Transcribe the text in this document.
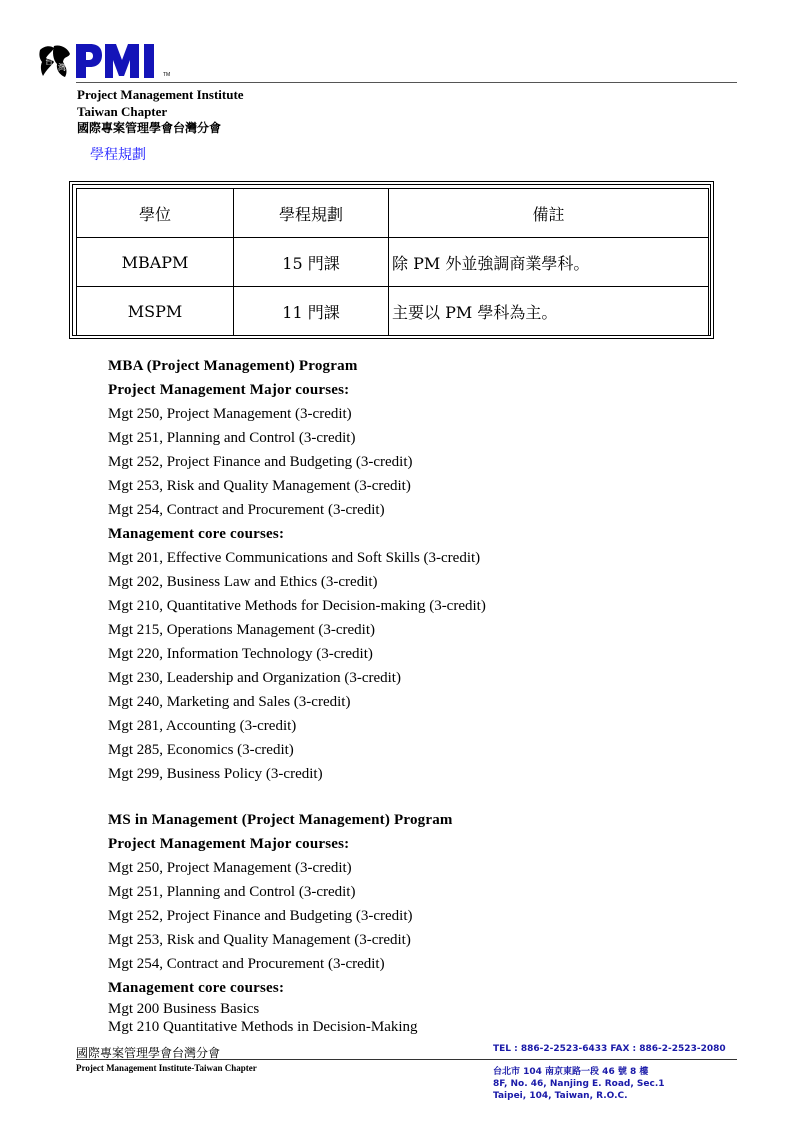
台
灣
TM
Project Management Institute
Taiwan Chapter
國際專案管理學會台灣分會
學程規劃
學位	學程規劃	備註
MBAPM	15 門課	除 PM 外並強調商業學科。
MSPM	11 門課	主要以 PM 學科為主。
MBA (Project Management) Program
Project Management Major courses:
Mgt 250, Project Management (3-credit)
Mgt 251, Planning and Control (3-credit)
Mgt 252, Project Finance and Budgeting (3-credit)
Mgt 253, Risk and Quality Management (3-credit)
Mgt 254, Contract and Procurement (3-credit)
Management core courses:
Mgt 201, Effective Communications and Soft Skills (3-credit)
Mgt 202, Business Law and Ethics (3-credit)
Mgt 210, Quantitative Methods for Decision-making (3-credit)
Mgt 215, Operations Management (3-credit)
Mgt 220, Information Technology (3-credit)
Mgt 230, Leadership and Organization (3-credit)
Mgt 240, Marketing and Sales (3-credit)
Mgt 281, Accounting (3-credit)
Mgt 285, Economics (3-credit)
Mgt 299, Business Policy (3-credit)
MS in Management (Project Management) Program
Project Management Major courses:
Mgt 250, Project Management (3-credit)
Mgt 251, Planning and Control (3-credit)
Mgt 252, Project Finance and Budgeting (3-credit)
Mgt 253, Risk and Quality Management (3-credit)
Mgt 254, Contract and Procurement (3-credit)
Management core courses:
Mgt 200 Business Basics
Mgt 210 Quantitative Methods in Decision-Making
國際專案管理學會台灣分會	TEL : 886-2-2523-6433 FAX : 886-2-2523-2080
Project Management Institute-Taiwan Chapter	台北市 104 南京東路一段 46 號 8 樓
8F, No. 46, Nanjing E. Road, Sec.1
Taipei, 104, Taiwan, R.O.C.
